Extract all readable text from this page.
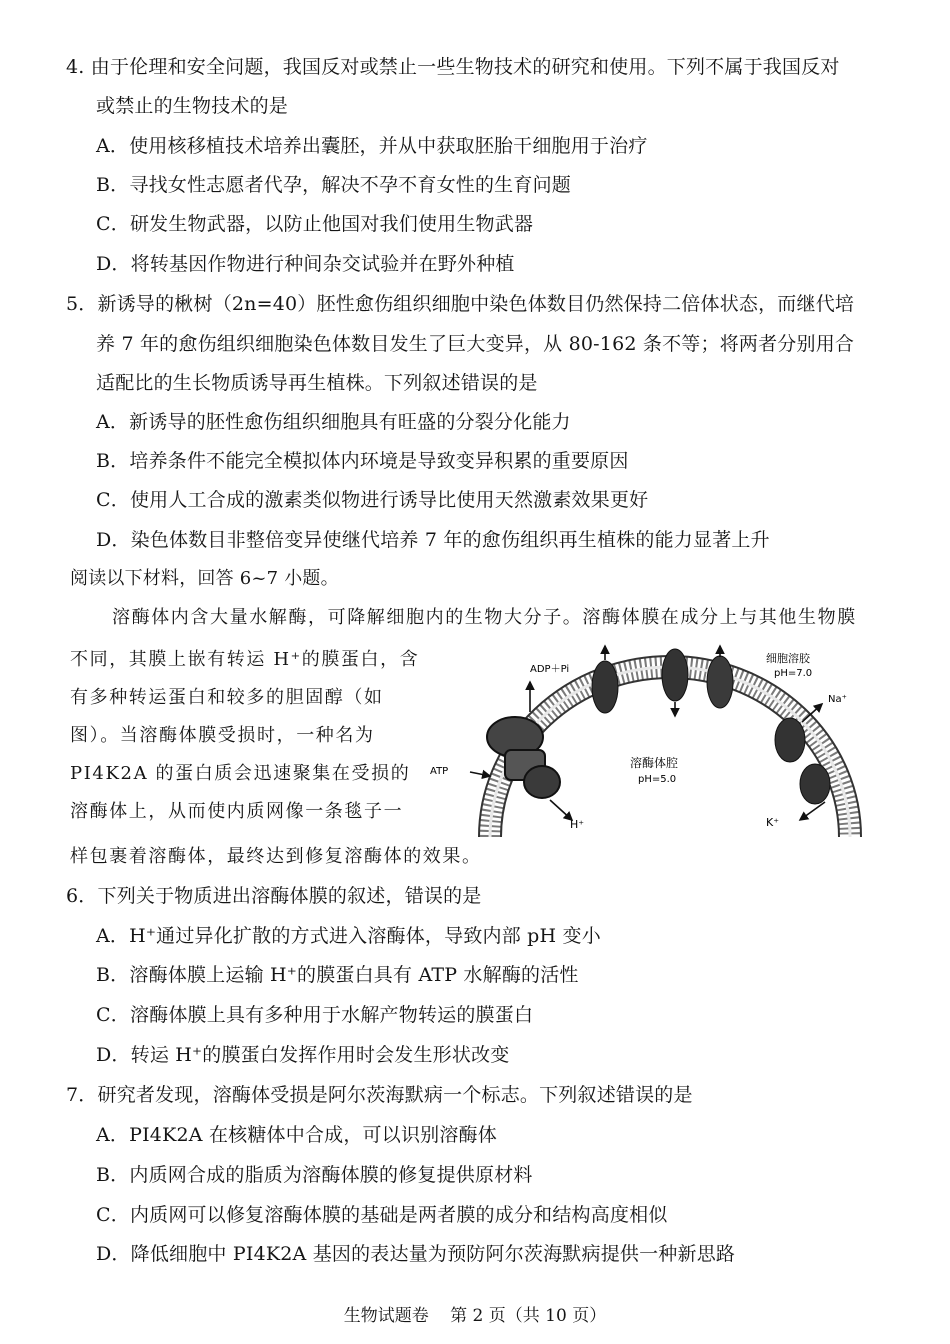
4. 由于伦理和安全问题，我国反对或禁止一些生物技术的研究和使用。下列不属于我国反对
或禁止的生物技术的是
A．使用核移植技术培养出囊胚，并从中获取胚胎干细胞用于治疗
B．寻找女性志愿者代孕，解决不孕不育女性的生育问题
C．研发生物武器，以防止他国对我们使用生物武器
D．将转基因作物进行种间杂交试验并在野外种植
5．新诱导的楸树（2n=40）胚性愈伤组织细胞中染色体数目仍然保持二倍体状态，而继代培
养 7 年的愈伤组织细胞染色体数目发生了巨大变异，从 80-162 条不等；将两者分别用合
适配比的生长物质诱导再生植株。下列叙述错误的是
A．新诱导的胚性愈伤组织细胞具有旺盛的分裂分化能力
B．培养条件不能完全模拟体内环境是导致变异积累的重要原因
C．使用人工合成的激素类似物进行诱导比使用天然激素效果更好
D．染色体数目非整倍变异使继代培养 7 年的愈伤组织再生植株的能力显著上升
阅读以下材料，回答 6~7 小题。
溶酶体内含大量水解酶，可降解细胞内的生物大分子。溶酶体膜在成分上与其他生物膜
不同，其膜上嵌有转运 H⁺的膜蛋白，含
有多种转运蛋白和较多的胆固醇（如
图）。当溶酶体膜受损时，一种名为
PI4K2A 的蛋白质会迅速聚集在受损的
溶酶体上，从而使内质网像一条毯子一
样包裹着溶酶体，最终达到修复溶酶体的效果。
ADP＋Pi
ATP
H⁺
Na⁺
K⁺
细胞溶胶
pH=7.0
溶酶体腔
pH=5.0
6．下列关于物质进出溶酶体膜的叙述，错误的是
A．H⁺通过异化扩散的方式进入溶酶体，导致内部 pH 变小
B．溶酶体膜上运输 H⁺的膜蛋白具有 ATP 水解酶的活性
C．溶酶体膜上具有多种用于水解产物转运的膜蛋白
D．转运 H⁺的膜蛋白发挥作用时会发生形状改变
7．研究者发现，溶酶体受损是阿尔茨海默病一个标志。下列叙述错误的是
A．PI4K2A 在核糖体中合成，可以识别溶酶体
B．内质网合成的脂质为溶酶体膜的修复提供原材料
C．内质网可以修复溶酶体膜的基础是两者膜的成分和结构高度相似
D．降低细胞中 PI4K2A 基因的表达量为预防阿尔茨海默病提供一种新思路
生物试题卷 第 2 页（共 10 页）
